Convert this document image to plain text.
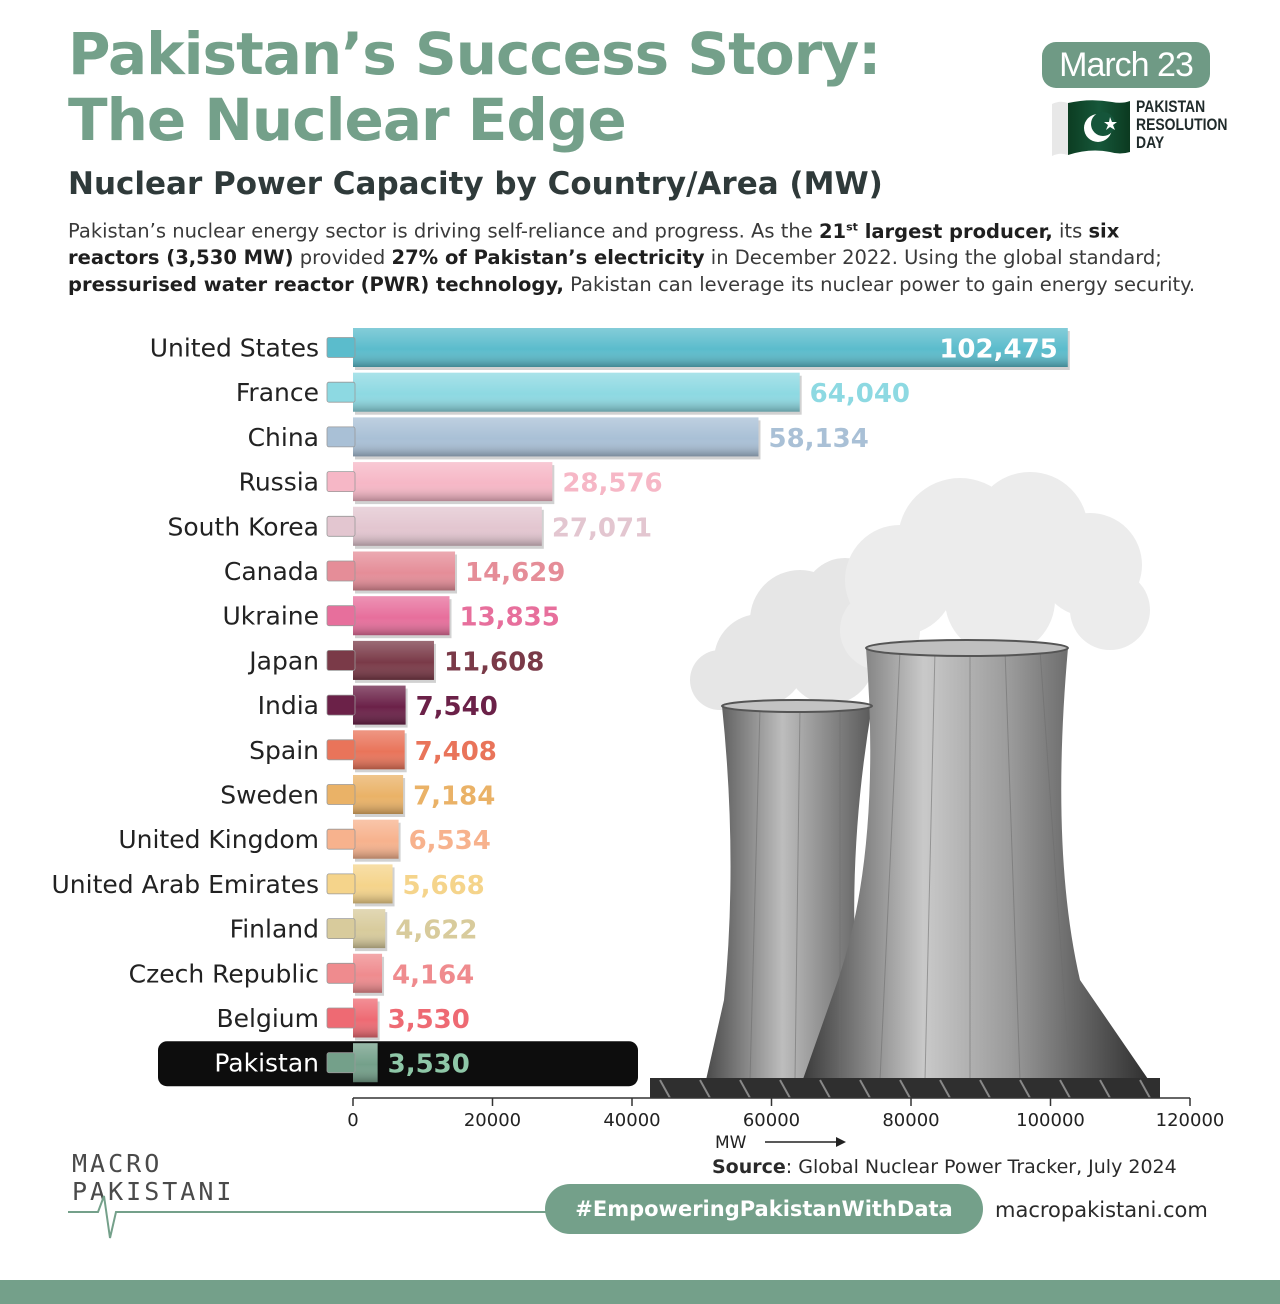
Pakistan’s Success Story:
The Nuclear Edge
March 23
PAKISTAN
RESOLUTION
DAY
Nuclear Power Capacity by Country/Area (MW)
Pakistan’s nuclear energy sector is driving self-reliance and progress. As the 21st largest producer, its six reactors (3,530 MW) provided 27% of Pakistan’s electricity in December 2022. Using the global standard; pressurised water reactor (PWR) technology, Pakistan can leverage its nuclear power to gain energy security.
United States	102,475
France	64,040
China	58,134
Russia	28,576
South Korea	27,071
Canada	14,629
Ukraine	13,835
Japan	11,608
India	7,540
Spain	7,408
Sweden	7,184
United Kingdom	6,534
United Arab Emirates	5,668
Finland	4,622
Czech Republic	4,164
Belgium	3,530
Pakistan	3,530
0	20000	40000	60000	80000	100000	120000
MW
Source: Global Nuclear Power Tracker, July 2024
MACRO
PAKISTANI
#EmpoweringPakistanWithData	macropakistani.com
